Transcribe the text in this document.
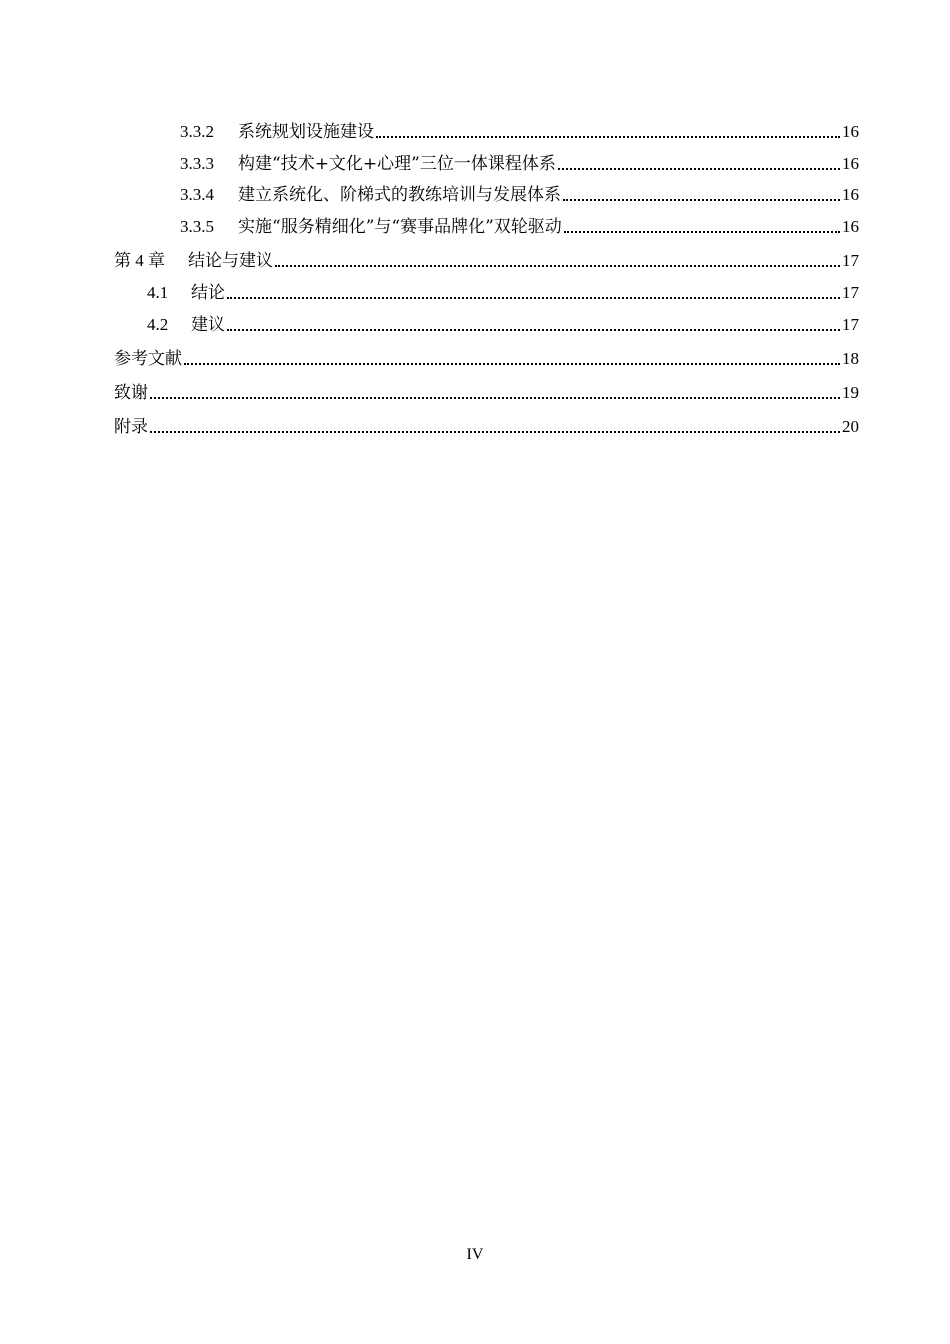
3.3.2	系统规划设施建设	16
3.3.3	构建“技术+文化+心理”三位一体课程体系	16
3.3.4	建立系统化、阶梯式的教练培训与发展体系	16
3.3.5	实施“服务精细化”与“赛事品牌化”双轮驱动	16
第 4 章	结论与建议	17
4.1	结论	17
4.2	建议	17
参考文献	18
致谢	19
附录	20
IV
